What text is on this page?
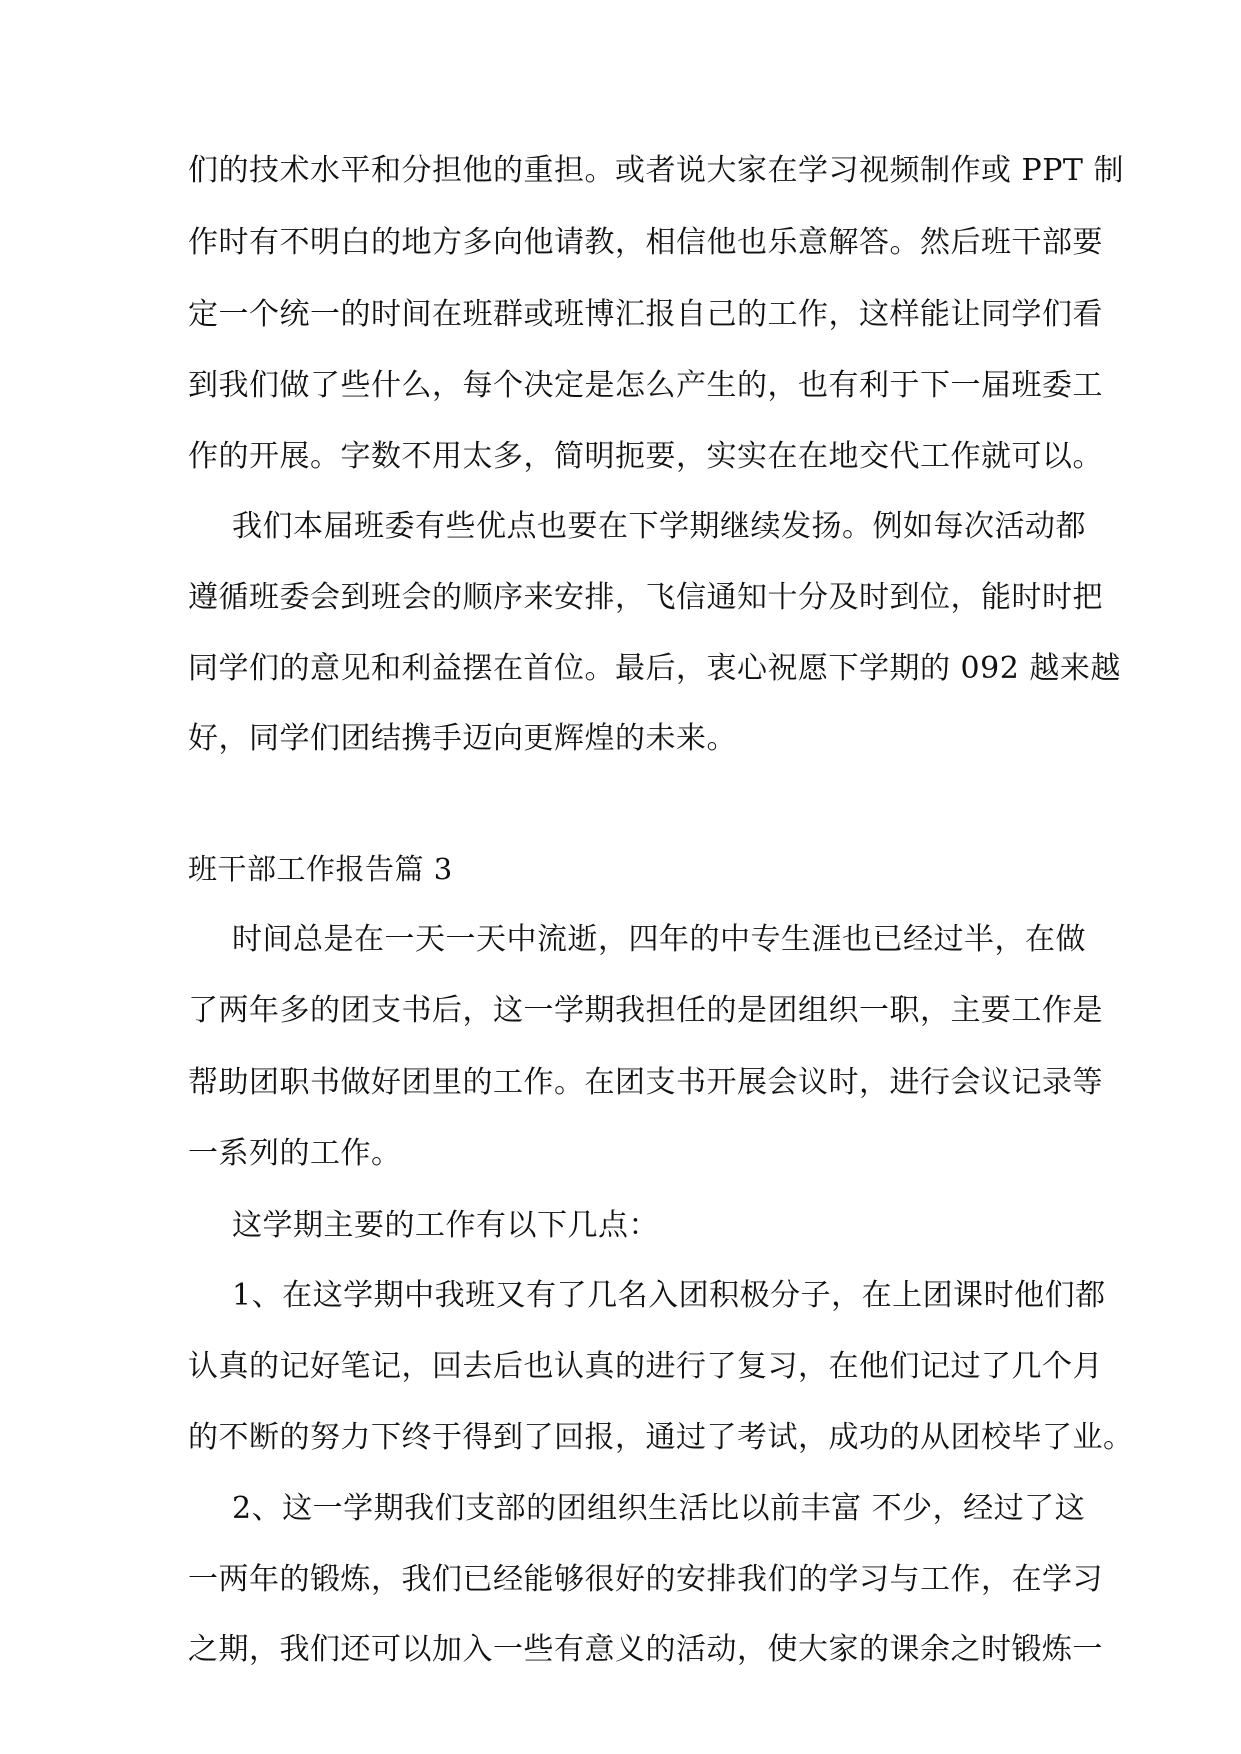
们的技术水平和分担他的重担。或者说大家在学习视频制作或 PPT 制
作时有不明白的地方多向他请教，相信他也乐意解答。然后班干部要
定一个统一的时间在班群或班博汇报自己的工作，这样能让同学们看
到我们做了些什么，每个决定是怎么产生的，也有利于下一届班委工
作的开展。字数不用太多，简明扼要，实实在在地交代工作就可以。
我们本届班委有些优点也要在下学期继续发扬。例如每次活动都
遵循班委会到班会的顺序来安排，飞信通知十分及时到位，能时时把
同学们的意见和利益摆在首位。最后，衷心祝愿下学期的 092 越来越
好，同学们团结携手迈向更辉煌的未来。
班干部工作报告篇 3
时间总是在一天一天中流逝，四年的中专生涯也已经过半，在做
了两年多的团支书后，这一学期我担任的是团组织一职，主要工作是
帮助团职书做好团里的工作。在团支书开展会议时，进行会议记录等
一系列的工作。
这学期主要的工作有以下几点：
1、在这学期中我班又有了几名入团积极分子，在上团课时他们都
认真的记好笔记，回去后也认真的进行了复习，在他们记过了几个月
的不断的努力下终于得到了回报，通过了考试，成功的从团校毕了业。
2、这一学期我们支部的团组织生活比以前丰富 不少，经过了这
一两年的锻炼，我们已经能够很好的安排我们的学习与工作，在学习
之期，我们还可以加入一些有意义的活动，使大家的课余之时锻炼一
